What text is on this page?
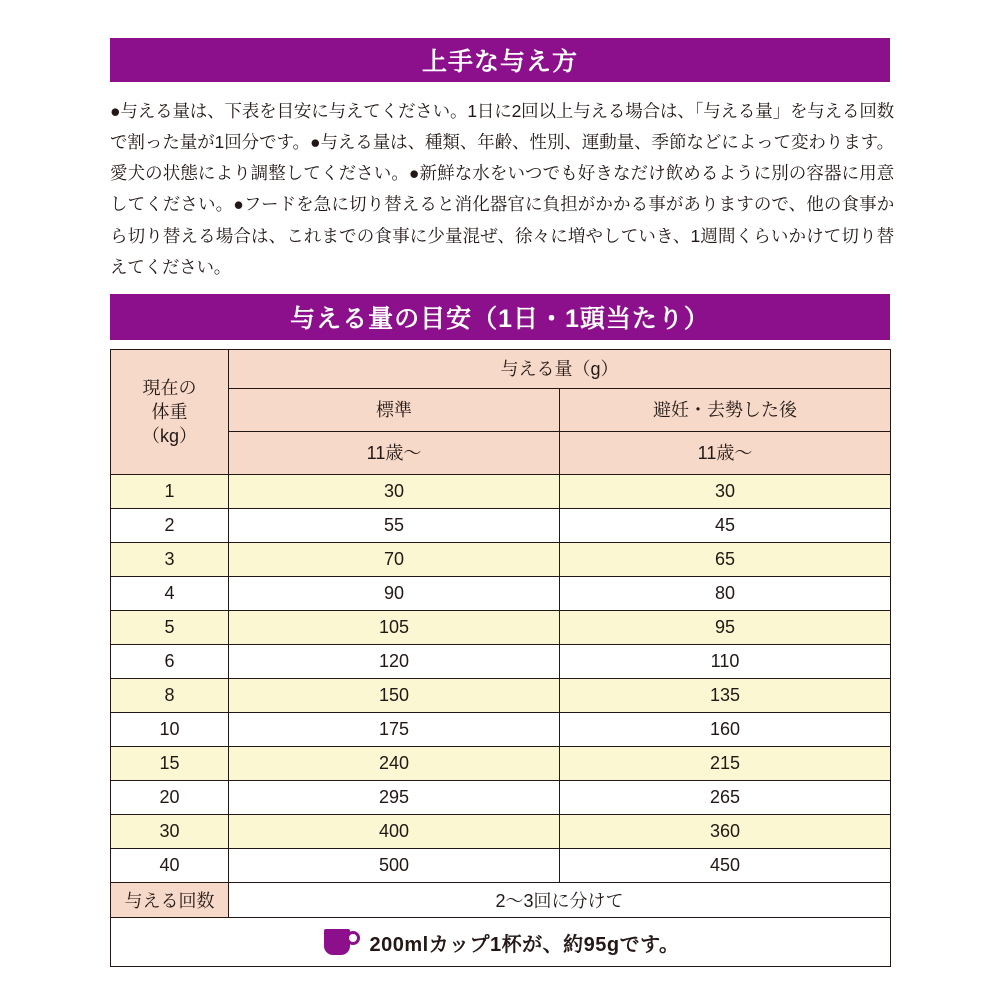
上手な与え方
●与える量は、下表を目安に与えてください。1日に2回以上与える場合は、「与える量」を与える回数で割った量が1回分です。●与える量は、種類、年齢、性別、運動量、季節などによって変わります。愛犬の状態により調整してください。●新鮮な水をいつでも好きなだけ飲めるように別の容器に用意してください。●フードを急に切り替えると消化器官に負担がかかる事がありますので、他の食事から切り替える場合は、これまでの食事に少量混ぜ、徐々に増やしていき、1週間くらいかけて切り替えてください。
与える量の目安（1日・1頭当たり）
現在の
体重
（kg）	与える量（g）	
	標準	避妊・去勢した後
	11歳〜	11歳〜
1	30	30
2	55	45
3	70	65
4	90	80
5	105	95
6	120	110
8	150	135
10	175	160
15	240	215
20	295	265
30	400	360
40	500	450
与える回数	2〜3回に分けて	

200mlカップ1杯が、約95gです。		
